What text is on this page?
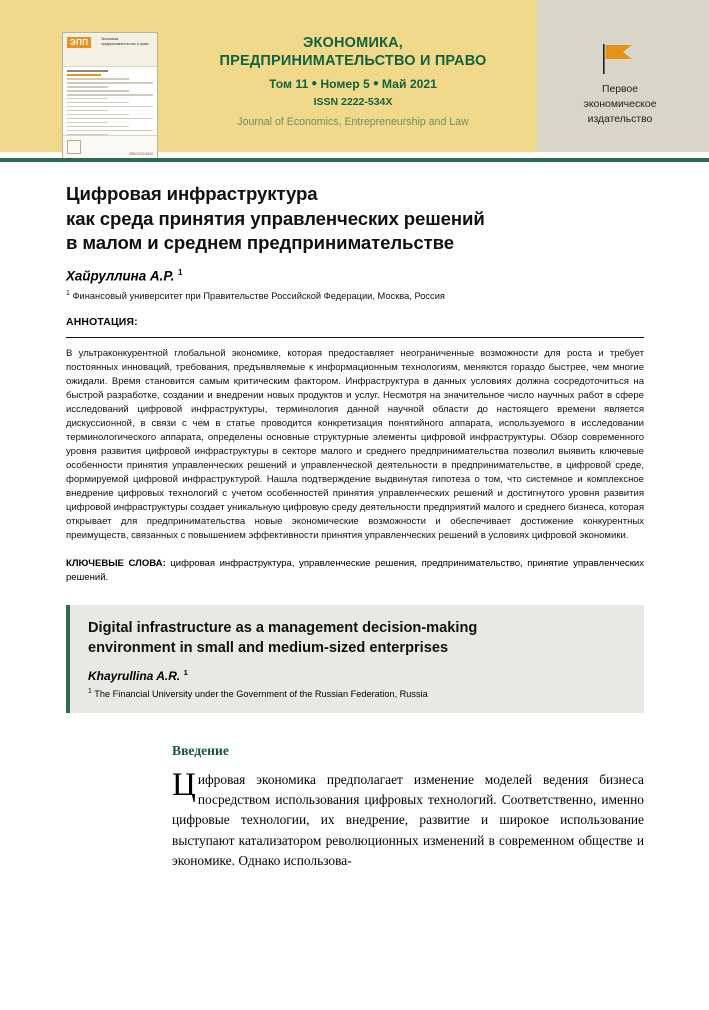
ЭПП	Экономика, предпринимательство и право
ISSN 2222-534X
ЭКОНОМИКА,
ПРЕДПРИНИМАТЕЛЬСТВО И ПРАВО
Том 11 ● Номер 5 ● Май 2021
ISSN 2222-534X
Journal of Economics, Entrepreneurship and Law
Первое
экономическое
издательство
Цифровая инфраструктура
как среда принятия управленческих решений
в малом и среднем предпринимательстве

Хайруллина А.Р. $^1$

$^1$ Финансовый университет при Правительстве Российской Федерации, Москва, Россия

АННОТАЦИЯ:

В ультраконкурентной глобальной экономике, которая предоставляет неограниченные возможности для роста и требует постоянных инноваций, требования, предъявляемые к информационным технологиям, меняются гораздо быстрее, чем многие ожидали. Время становится самым критическим фактором. Инфраструктура в данных условиях должна сосредоточиться на быстрой разработке, создании и внедрении новых продуктов и услуг. Несмотря на значительное число научных работ в сфере исследований цифровой инфраструктуры, терминология данной научной области до настоящего времени является дискуссионной, в связи с чем в статье проводится конкретизация понятийного аппарата, используемого в исследовании терминологического аппарата, определены основные структурные элементы цифровой инфраструктуры. Обзор современного уровня развития цифровой инфраструктуры в секторе малого и среднего предпринимательства позволил выявить ключевые особенности принятия управленческих решений и управленческой деятельности в предпринимательстве, в цифровой среде, формируемой цифровой инфраструктурой. Нашла подтверждение выдвинутая гипотеза о том, что системное и комплексное внедрение цифровых технологий с учетом особенностей принятия управленческих решений и достигнутого уровня развития цифровой инфраструктуры создает уникальную цифровую среду деятельности предприятий малого и среднего бизнеса, которая открывает для предпринимательства новые экономические возможности и обеспечивает достижение конкурентных преимуществ, связанных с повышением эффективности принятия управленческих решений в условиях цифровой экономики.

КЛЮЧЕВЫЕ СЛОВА: цифровая инфраструктура, управленческие решения, предпринимательство, принятие управленческих решений.

Digital infrastructure as a management decision-making
environment in small and medium-sized enterprises

Khayrullina A.R. $^1$

$^1$ The Financial University under the Government of the Russian Federation, Russia

Введение

Цифровая экономика предполагает изменение моделей ведения бизнеса посредством использования цифровых технологий. Соответственно, именно цифровые технологии, их внедрение, развитие и широкое использование выступают катализатором революционных изменений в современном обществе и экономике. Однако использова-
